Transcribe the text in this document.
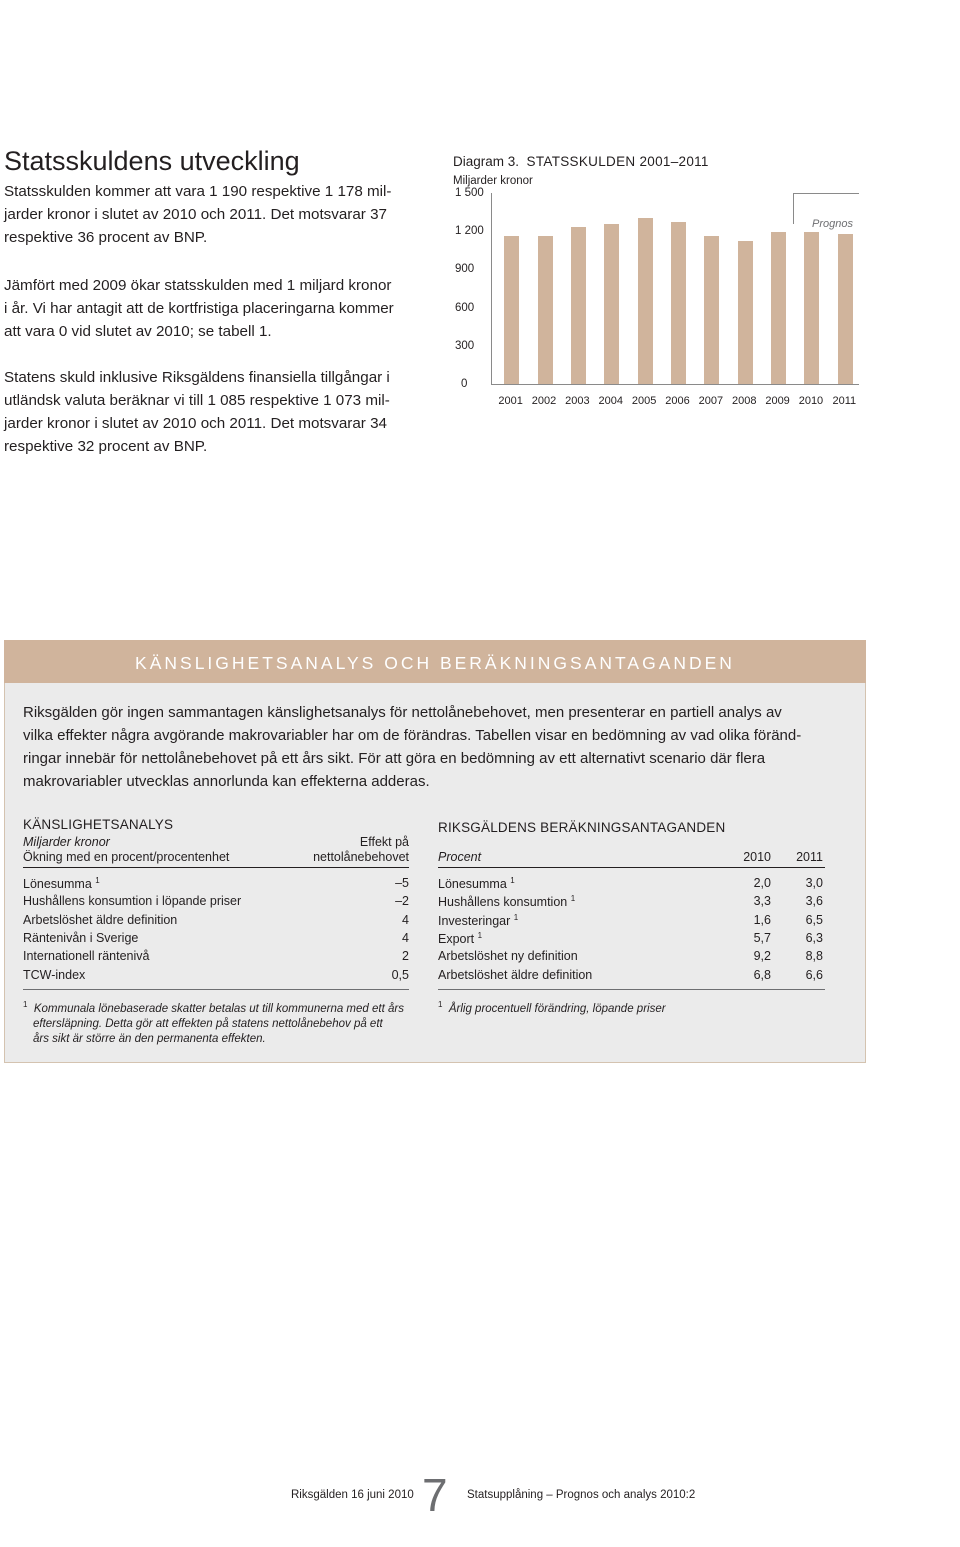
Statsskuldens utveckling
Statsskulden kommer att vara 1 190 respektive 1 178 mil-
jarder kronor i slutet av 2010 och 2011. Det motsvarar 37
respektive 36 procent av BNP.
Jämfört med 2009 ökar statsskulden med 1 miljard kronor
i år. Vi har antagit att de kortfristiga placeringarna kommer
att vara 0 vid slutet av 2010; se tabell 1.
Statens skuld inklusive Riksgäldens finansiella tillgångar i
utländsk valuta beräknar vi till 1 085 respektive 1 073 mil-
jarder kronor i slutet av 2010 och 2011. Det motsvarar 34
respektive 32 procent av BNP.
Diagram 3. STATSSKULDEN 2001–2011
Miljarder kronor
0
300
600
900
1 200
1 500
Prognos
2001 2002 2003 2004 2005 2006 2007 2008 2009 2010 2011
KÄNSLIGHETSANALYS OCH BERÄKNINGSANTAGANDEN
Riksgälden gör ingen sammantagen känslighetsanalys för nettolånebehovet, men presenterar en partiell analys av
vilka effekter några avgörande makrovariabler har om de förändras. Tabellen visar en bedömning av vad olika föränd-
ringar innebär för nettolånebehovet på ett års sikt. För att göra en bedömning av ett alternativt scenario där flera
makrovariabler utvecklas annorlunda kan effekterna adderas.
KÄNSLIGHETSANALYS
Miljarder kronor
Ökning med en procent/procentenhet
Effekt på
nettolånebehovet
Lönesumma $^1$	–5
Hushållens konsumtion i löpande priser	–2
Arbetslöshet äldre definition	4
Räntenivån i Sverige	4
Internationell räntenivå	2
TCW-index	0,5
$^1$ Kommunala lönebaserade skatter betalas ut till kommunerna med ett års
eftersläpning. Detta gör att effekten på statens nettolånebehov på ett
års sikt är större än den permanenta effekten.
RIKSGÄLDENS BERÄKNINGSANTAGANDEN
Procent	2010	2011
Lönesumma $^1$	2,0	3,0
Hushållens konsumtion $^1$	3,3	3,6
Investeringar $^1$	1,6	6,5
Export $^1$	5,7	6,3
Arbetslöshet ny definition	9,2	8,8
Arbetslöshet äldre definition	6,8	6,6
$^1$ Årlig procentuell förändring, löpande priser
Riksgälden 16 juni 2010 7 Statsupplåning – Prognos och analys 2010:2
